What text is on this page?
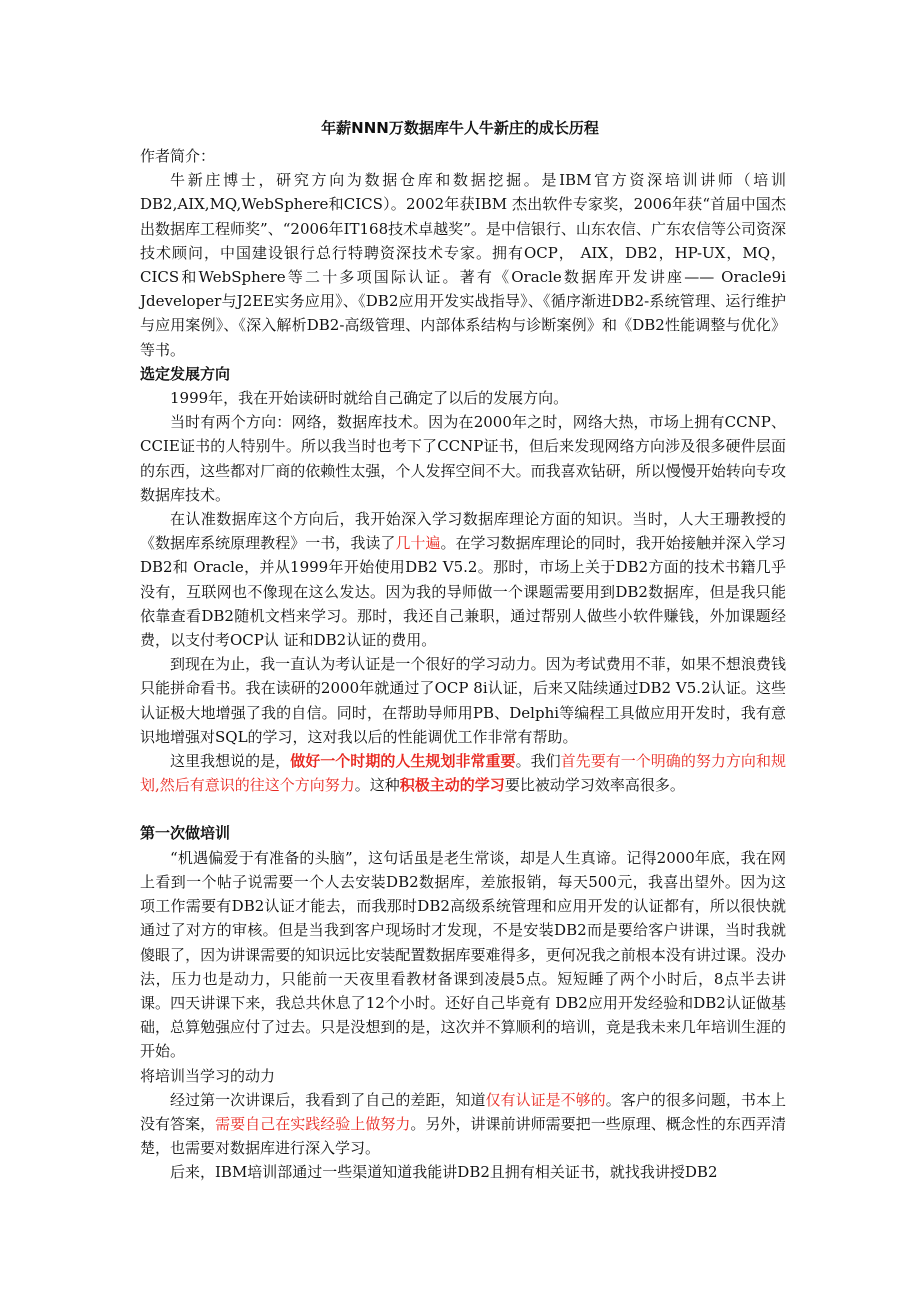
年薪NNN万数据库牛人牛新庄的成长历程

作者简介：

牛新庄博士，研究方向为数据仓库和数据挖掘。是IBM官方资深培训讲师（培训DB2,AIX,MQ,WebSphere和CICS）。2002年获IBM 杰出软件专家奖，2006年获“首届中国杰出数据库工程师奖”、“2006年IT168技术卓越奖”。是中信银行、山东农信、广东农信等公司资深技术顾问，中国建设银行总行特聘资深技术专家。拥有OCP， AIX，DB2，HP-UX，MQ，CICS和WebSphere等二十多项国际认证。著有《Oracle数据库开发讲座—— Oracle9i Jdeveloper与J2EE实务应用》、《DB2应用开发实战指导》、《循序渐进DB2-系统管理、运行维护与应用案例》、《深入解析DB2-高级管理、内部体系结构与诊断案例》和《DB2性能调整与优化》等书。

选定发展方向

1999年，我在开始读研时就给自己确定了以后的发展方向。

当时有两个方向：网络，数据库技术。因为在2000年之时，网络大热，市场上拥有CCNP、CCIE证书的人特别牛。所以我当时也考下了CCNP证书，但后来发现网络方向涉及很多硬件层面的东西，这些都对厂商的依赖性太强，个人发挥空间不大。而我喜欢钻研，所以慢慢开始转向专攻数据库技术。

在认准数据库这个方向后，我开始深入学习数据库理论方面的知识。当时，人大王珊教授的《数据库系统原理教程》一书，我读了几十遍。在学习数据库理论的同时，我开始接触并深入学习DB2和 Oracle，并从1999年开始使用DB2 V5.2。那时，市场上关于DB2方面的技术书籍几乎没有，互联网也不像现在这么发达。因为我的导师做一个课题需要用到DB2数据库，但是我只能依靠查看DB2随机文档来学习。那时，我还自己兼职，通过帮别人做些小软件赚钱，外加课题经费，以支付考OCP认 证和DB2认证的费用。

到现在为止，我一直认为考认证是一个很好的学习动力。因为考试费用不菲，如果不想浪费钱只能拼命看书。我在读研的2000年就通过了OCP 8i认证，后来又陆续通过DB2 V5.2认证。这些认证极大地增强了我的自信。同时，在帮助导师用PB、Delphi等编程工具做应用开发时，我有意识地增强对SQL的学习，这对我以后的性能调优工作非常有帮助。

这里我想说的是，做好一个时期的人生规划非常重要。我们首先要有一个明确的努力方向和规划,然后有意识的往这个方向努力。这种积极主动的学习要比被动学习效率高很多。

第一次做培训

“机遇偏爱于有准备的头脑”，这句话虽是老生常谈，却是人生真谛。记得2000年底，我在网上看到一个帖子说需要一个人去安装DB2数据库，差旅报销，每天500元，我喜出望外。因为这项工作需要有DB2认证才能去，而我那时DB2高级系统管理和应用开发的认证都有，所以很快就通过了对方的审核。但是当我到客户现场时才发现，不是安装DB2而是要给客户讲课，当时我就傻眼了，因为讲课需要的知识远比安装配置数据库要难得多，更何况我之前根本没有讲过课。没办法，压力也是动力，只能前一天夜里看教材备课到凌晨5点。短短睡了两个小时后，8点半去讲课。四天讲课下来，我总共休息了12个小时。还好自己毕竟有 DB2应用开发经验和DB2认证做基础，总算勉强应付了过去。只是没想到的是，这次并不算顺利的培训，竟是我未来几年培训生涯的开始。

将培训当学习的动力

经过第一次讲课后，我看到了自己的差距，知道仅有认证是不够的。客户的很多问题，书本上没有答案，需要自己在实践经验上做努力。另外，讲课前讲师需要把一些原理、概念性的东西弄清楚，也需要对数据库进行深入学习。

后来，IBM培训部通过一些渠道知道我能讲DB2且拥有相关证书，就找我讲授DB2
